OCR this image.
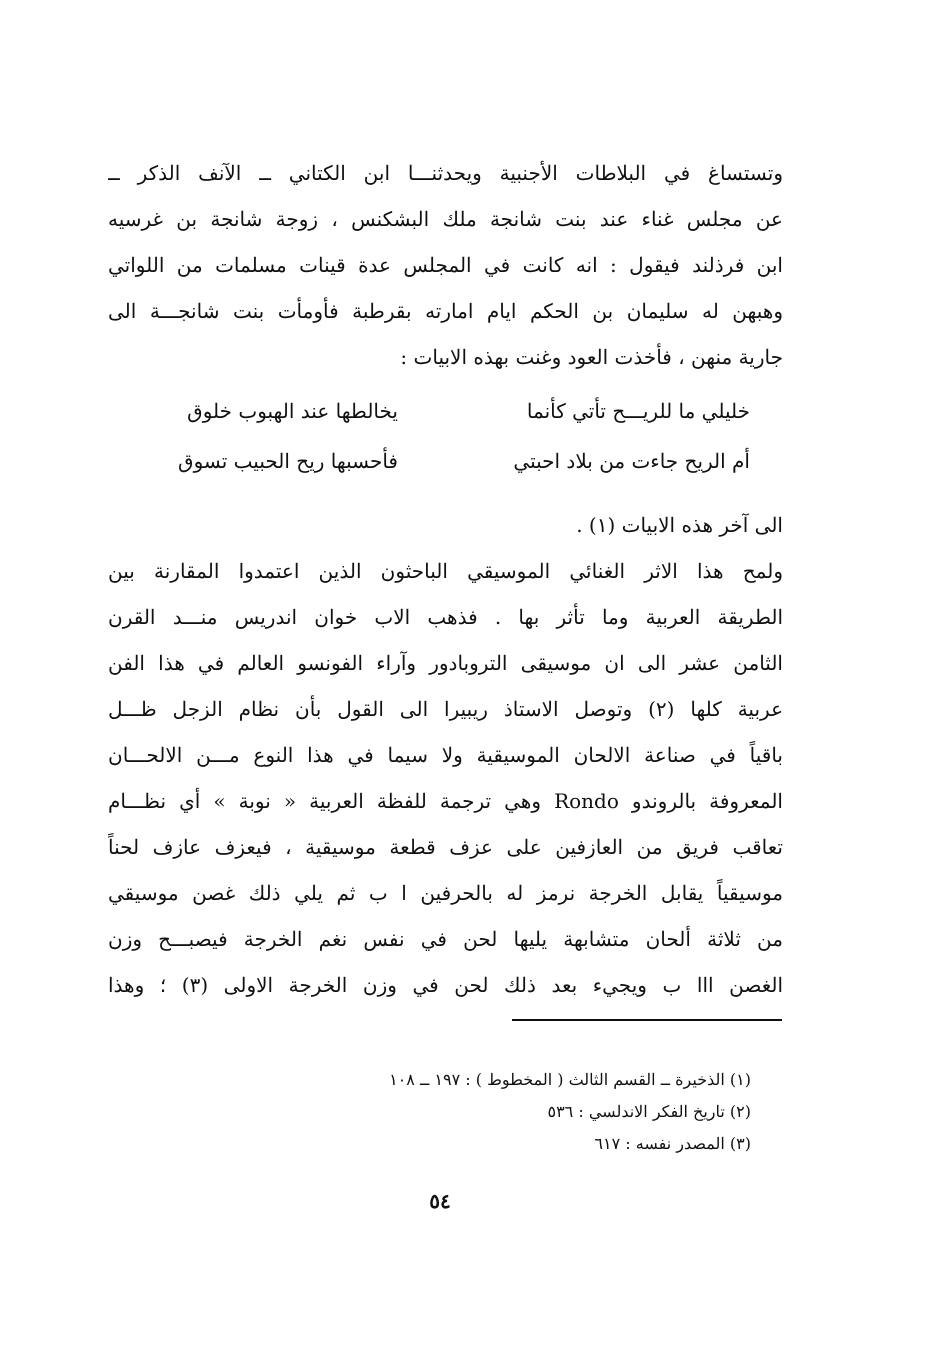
وتستساغ في البلاطات الأجنبية ويحدثنـــا ابن الكتاني ــ الآنف الذكر ــ
عن مجلس غناء عند بنت شانجة ملك البشكنس ، زوجة شانجة بن غرسيه
ابن فرذلند فيقول : انه كانت في المجلس عدة قينات مسلمات من اللواتي
وهبهن له سليمان بن الحكم ايام امارته بقرطبة فأومأت بنت شانجـــة الى
جارية منهن ، فأخذت العود وغنت بهذه الابيات :
خليلي ما للريـــح تأتي كأنما
يخالطها عند الهبوب خلوق
أم الريح جاءت من بلاد احبتي
فأحسبها ريح الحبيب تسوق
الى آخر هذه الابيات (١) .
ولمح هذا الاثر الغنائي الموسيقي الباحثون الذين اعتمدوا المقارنة بين
الطريقة العربية وما تأثر بها . فذهب الاب خوان اندريس منـــد القرن
الثامن عشر الى ان موسيقى التروبادور وآراء الفونسو العالم في هذا الفن
عربية كلها (٢) وتوصل الاستاذ ريبيرا الى القول بأن نظام الزجل ظـــل
باقياً في صناعة الالحان الموسيقية ولا سيما في هذا النوع مـــن الالحـــان
المعروفة بالروندو Rondo وهي ترجمة للفظة العربية « نوبة » أي نظـــام
تعاقب فريق من العازفين على عزف قطعة موسيقية ، فيعزف عازف لحناً
موسيقياً يقابل الخرجة نرمز له بالحرفين ا ب ثم يلي ذلك غصن موسيقي
من ثلاثة ألحان متشابهة يليها لحن في نفس نغم الخرجة فيصبـــح وزن
الغصن ااا ب ويجيء بعد ذلك لحن في وزن الخرجة الاولى (٣) ؛ وهذا
(١) الذخيرة ــ القسم الثالث ( المخطوط ) : ١٩٧ ــ ١٠٨
(٢) تاريخ الفكر الاندلسي : ٥٣٦
(٣) المصدر نفسه : ٦١٧
٥٤
